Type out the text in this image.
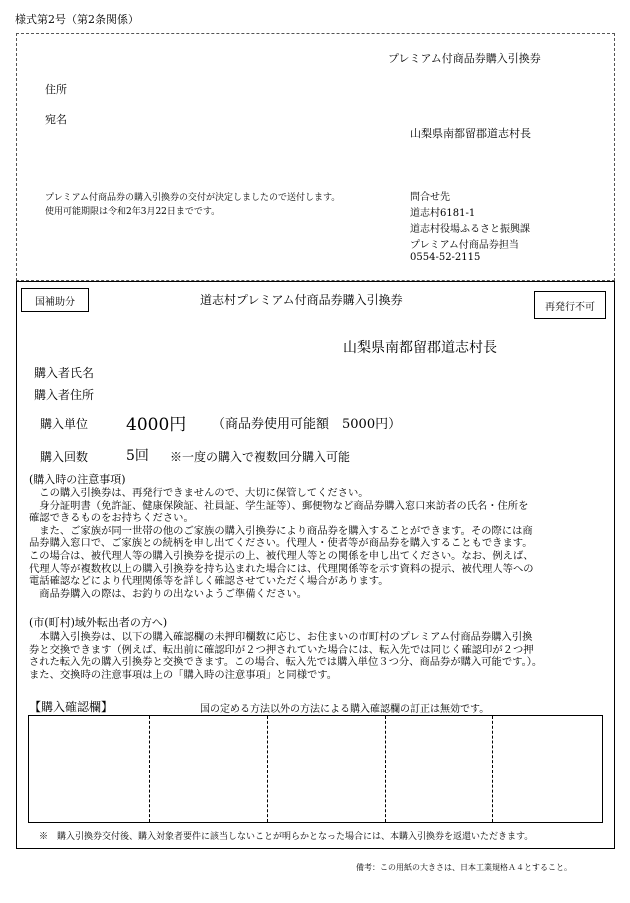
様式第2号（第2条関係）
プレミアム付商品券購入引換券
住所
宛名
山梨県南都留郡道志村長
プレミアム付商品券の購入引換券の交付が決定しましたので送付します。
使用可能期限は令和2年3月22日までです。
問合せ先
道志村6181-1
道志村役場ふるさと振興課
プレミアム付商品券担当
0554-52-2115
国補助分	道志村プレミアム付商品券購入引換券	再発行不可
山梨県南都留郡道志村長
購入者氏名
購入者住所
購入単位 4000円 （商品券使用可能額　5000円）
購入回数	5回 ※一度の購入で複数回分購入可能
(購入時の注意事項)
　この購入引換券は、再発行できませんので、大切に保管してください。
　身分証明書（免許証、健康保険証、社員証、学生証等）、郵便物など商品券購入窓口来訪者の氏名・住所を
確認できるものをお持ちください。
　また、ご家族が同一世帯の他のご家族の購入引換券により商品券を購入することができます。その際には商
品券購入窓口で、ご家族との続柄を申し出てください。代理人・使者等が商品券を購入することもできます。
この場合は、被代理人等の購入引換券を提示の上、被代理人等との関係を申し出てください。なお、例えば、
代理人等が複数枚以上の購入引換券を持ち込まれた場合には、代理関係等を示す資料の提示、被代理人等への
電話確認などにより代理関係等を詳しく確認させていただく場合があります。
　商品券購入の際は、お釣りの出ないようご準備ください。
(市(町村)域外転出者の方へ)
　本購入引換券は、以下の購入確認欄の未押印欄数に応じ、お住まいの市町村のプレミアム付商品券購入引換
券と交換できます（例えば、転出前に確認印が２つ押されていた場合には、転入先では同じく確認印が２つ押
された転入先の購入引換券と交換できます。この場合、転入先では購入単位３つ分、商品券が購入可能です。）。
また、交換時の注意事項は上の「購入時の注意事項」と同様です。
【購入確認欄】	国の定める方法以外の方法による購入確認欄の訂正は無効です。
※　購入引換券交付後、購入対象者要件に該当しないことが明らかとなった場合には、本購入引換券を返還いただきます。
備考：この用紙の大きさは、日本工業規格Ａ４とすること。
